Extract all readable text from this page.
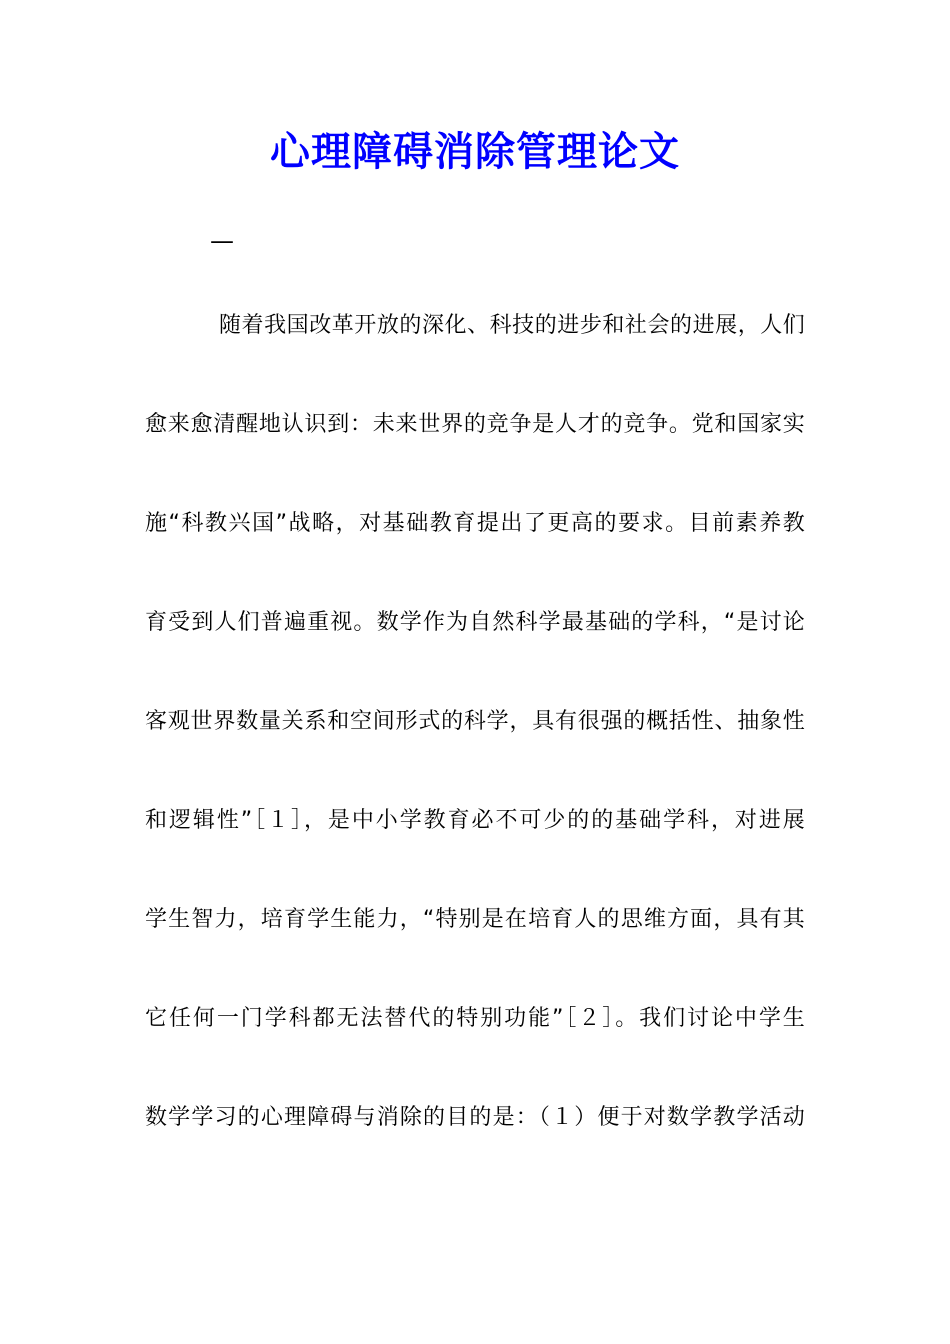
心理障碍消除管理论文
—
随着我国改革开放的深化、科技的进步和社会的进展，人们
愈来愈清醒地认识到：未来世界的竞争是人才的竞争。党和国家实
施“科教兴国”战略，对基础教育提出了更高的要求。目前素养教
育受到人们普遍重视。数学作为自然科学最基础的学科，“是讨论
客观世界数量关系和空间形式的科学，具有很强的概括性、抽象性
和逻辑性”［１］，是中小学教育必不可少的的基础学科，对进展
学生智力，培育学生能力，“特别是在培育人的思维方面，具有其
它任何一门学科都无法替代的特别功能”［２］。我们讨论中学生
数学学习的心理障碍与消除的目的是：（１）便于对数学教学活动
